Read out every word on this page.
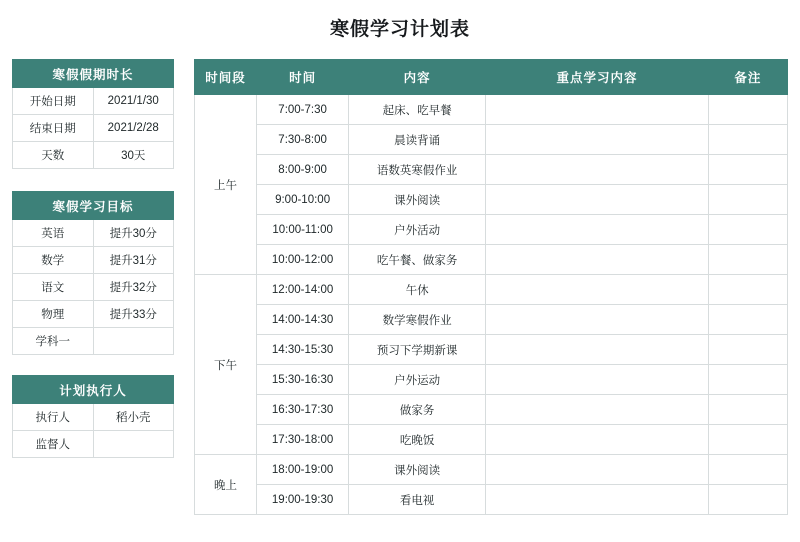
寒假学习计划表
寒假假期时长	
开始日期	2021/1/30
结束日期	2021/2/28
天数	30天
寒假学习目标	
英语	提升30分
数学	提升31分
语文	提升32分
物理	提升33分
学科一	
计划执行人	
执行人	稻小壳
监督人	
时间段	时间	内容	重点学习内容	备注
上午	7:00-7:30	起床、吃早餐		
	7:30-8:00	晨读背诵		
	8:00-9:00	语数英寒假作业		
	9:00-10:00	课外阅读		
	10:00-11:00	户外活动		
	10:00-12:00	吃午餐、做家务		
下午	12:00-14:00	午休		
	14:00-14:30	数学寒假作业		
	14:30-15:30	预习下学期新课		
	15:30-16:30	户外运动		
	16:30-17:30	做家务		
	17:30-18:00	吃晚饭		
晚上	18:00-19:00	课外阅读		
	19:00-19:30	看电视		
